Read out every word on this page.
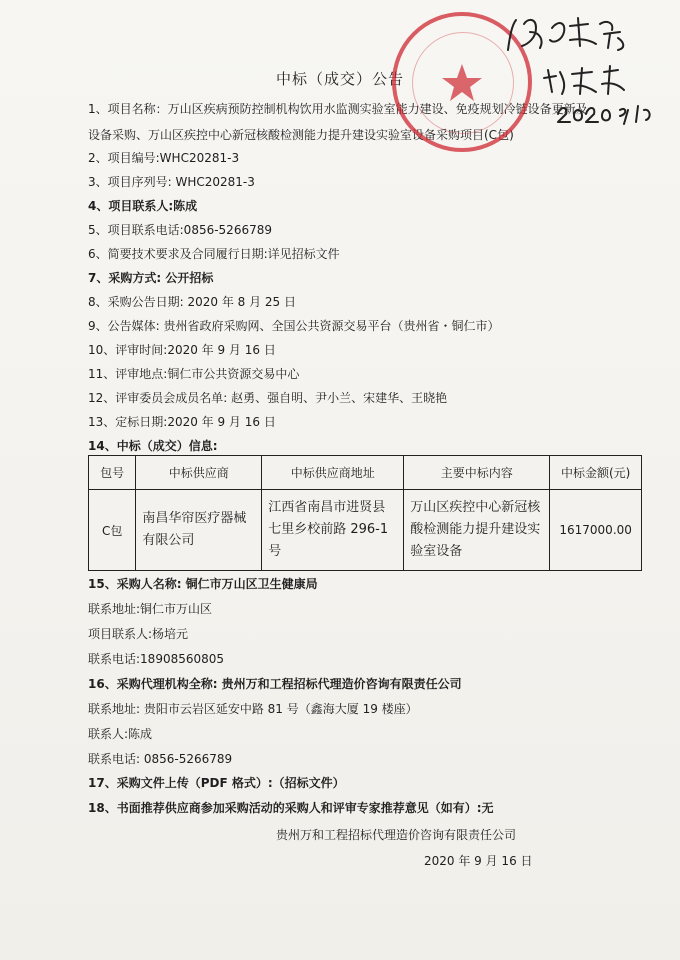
中标（成交）公告
1、项目名称：万山区疾病预防控制机构饮用水监测实验室能力建设、免疫规划冷链设备更新及设备采购、万山区疾控中心新冠核酸检测能力提升建设实验室设备采购项目(C包)
2、项目编号:WHC20281-3
3、项目序列号: WHC20281-3
4、项目联系人:陈成
5、项目联系电话:0856-5266789
6、简要技术要求及合同履行日期:详见招标文件
7、采购方式: 公开招标
8、采购公告日期: 2020 年 8 月 25 日
9、公告媒体: 贵州省政府采购网、全国公共资源交易平台（贵州省・铜仁市）
10、评审时间:2020 年 9 月 16 日
11、评审地点:铜仁市公共资源交易中心
12、评审委员会成员名单: 赵勇、强自明、尹小兰、宋建华、王晓艳
13、定标日期:2020 年 9 月 16 日
14、中标（成交）信息:
包号	中标供应商	中标供应商地址	主要中标内容	中标金额(元)
C包	南昌华帘医疗器械有限公司	江西省南昌市进贤县七里乡校前路 296-1 号	万山区疾控中心新冠核酸检测能力提升建设实验室设备	1617000.00
15、采购人名称: 铜仁市万山区卫生健康局
联系地址:铜仁市万山区
项目联系人:杨培元
联系电话:18908560805
16、采购代理机构全称: 贵州万和工程招标代理造价咨询有限责任公司
联系地址: 贵阳市云岩区延安中路 81 号（鑫海大厦 19 楼座）
联系人:陈成
联系电话: 0856-5266789
17、采购文件上传（PDF 格式）:（招标文件）
18、书面推荐供应商参加采购活动的采购人和评审专家推荐意见（如有）:无
贵州万和工程招标代理造价咨询有限责任公司
2020 年 9 月 16 日
